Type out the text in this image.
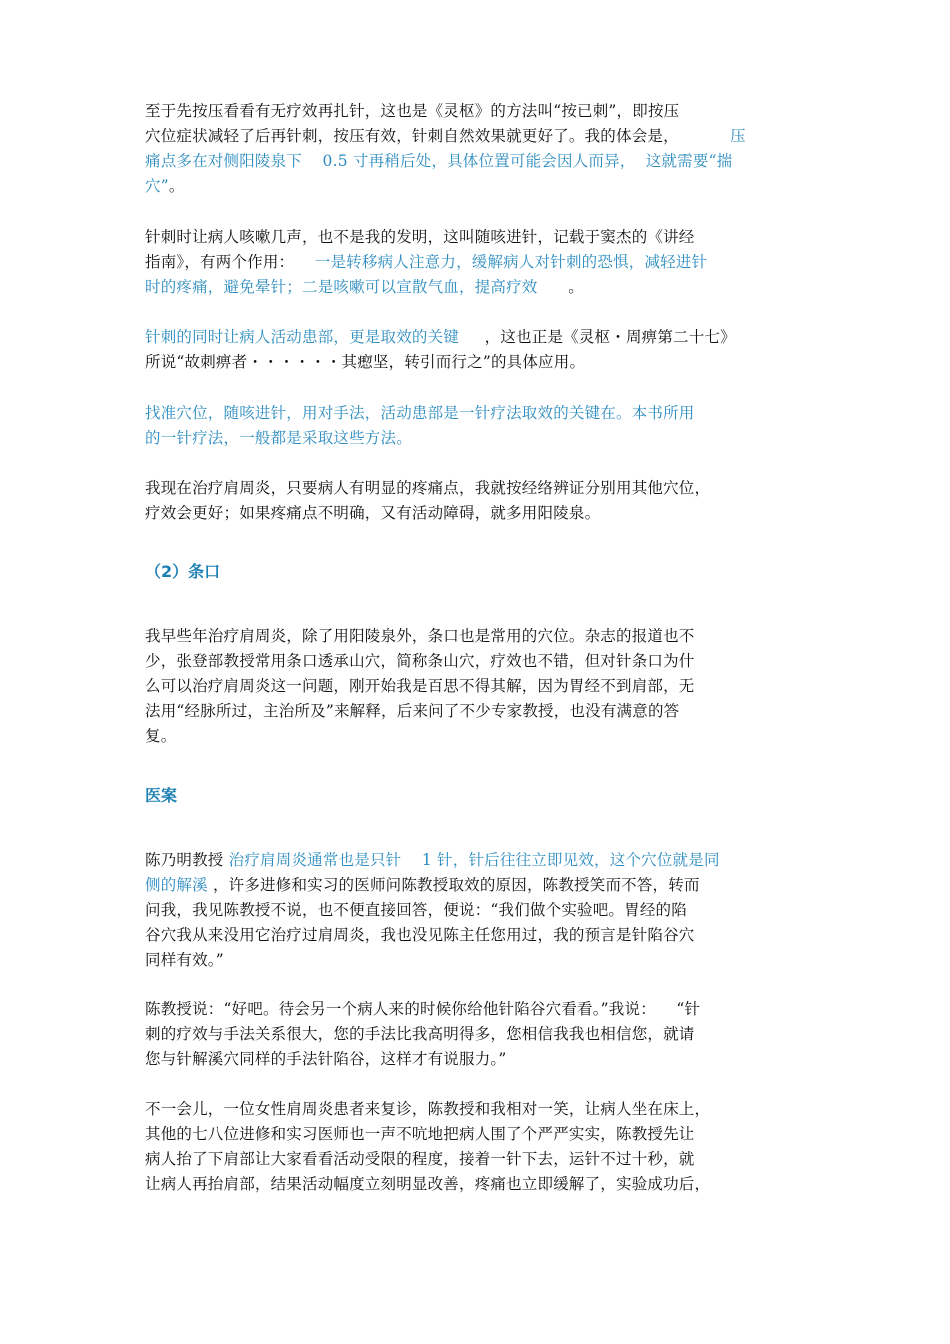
至于先按压看看有无疗效再扎针，这也是《灵枢》的方法叫“按已刺”，即按压
穴位症状减轻了后再针刺，按压有效，针刺自然效果就更好了。我的体会是，          压
痛点多在对侧阳陵泉下    0.5 寸再稍后处，具体位置可能会因人而异，  这就需要“揣
穴”。
针刺时让病人咳嗽几声，也不是我的发明，这叫随咳进针，记载于窦杰的《讲经
指南》，有两个作用：    一是转移病人注意力，缓解病人对针刺的恐惧，减轻进针
时的疼痛，避免晕针；二是咳嗽可以宣散气血，提高疗效      。
针刺的同时让病人活动患部，更是取效的关键     ，这也正是《灵枢・周痹第二十七》
所说“故刺痹者・・・・・・其瘛坚，转引而行之”的具体应用。
找准穴位，随咳进针，用对手法，活动患部是一针疗法取效的关键在。本书所用
的一针疗法，一般都是采取这些方法。
我现在治疗肩周炎，只要病人有明显的疼痛点，我就按经络辨证分别用其他穴位，
疗效会更好；如果疼痛点不明确，又有活动障碍，就多用阳陵泉。
（2）条口
我早些年治疗肩周炎，除了用阳陵泉外，条口也是常用的穴位。杂志的报道也不
少，张登部教授常用条口透承山穴，简称条山穴，疗效也不错，但对针条口为什
么可以治疗肩周炎这一问题，刚开始我是百思不得其解，因为胃经不到肩部，无
法用“经脉所过，主治所及”来解释，后来问了不少专家教授，也没有满意的答
复。
医案
陈乃明教授 治疗肩周炎通常也是只针    1 针，针后往往立即见效，这个穴位就是同
侧的解溪 ，许多进修和实习的医师问陈教授取效的原因，陈教授笑而不答，转而
问我，我见陈教授不说，也不便直接回答，便说：“我们做个实验吧。胃经的陷
谷穴我从来没用它治疗过肩周炎，我也没见陈主任您用过，我的预言是针陷谷穴
同样有效。”
陈教授说：“好吧。待会另一个病人来的时候你给他针陷谷穴看看。”我说：    “针
刺的疗效与手法关系很大，您的手法比我高明得多，您相信我我也相信您，就请
您与针解溪穴同样的手法针陷谷，这样才有说服力。”
不一会儿，一位女性肩周炎患者来复诊，陈教授和我相对一笑，让病人坐在床上，
其他的七八位进修和实习医师也一声不吭地把病人围了个严严实实，陈教授先让
病人抬了下肩部让大家看看活动受限的程度，接着一针下去，运针不过十秒，就
让病人再抬肩部，结果活动幅度立刻明显改善，疼痛也立即缓解了，实验成功后，
